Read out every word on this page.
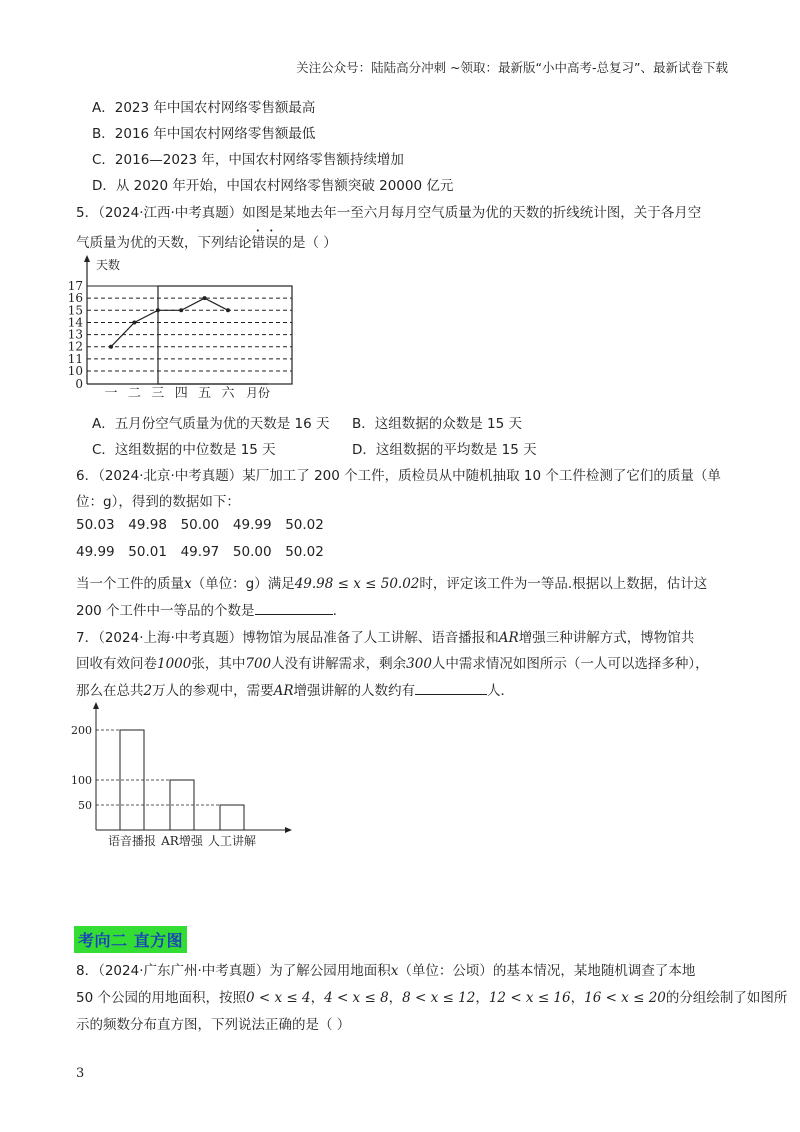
关注公众号：陆陆高分冲刺 ~领取：最新版“小中高考-总复习”、最新试卷下载
A．2023 年中国农村网络零售额最高
B．2016 年中国农村网络零售额最低
C．2016—2023 年，中国农村网络零售额持续增加
D．从 2020 年开始，中国农村网络零售额突破 20000 亿元
5．（2024·江西·中考真题）如图是某地去年一至六月每月空气质量为优的天数的折线统计图，关于各月空
气质量为优的天数，下列结论错误的是（ ）
天数
月份
0
10
11
12
13
14
15
16
17
一 二 三 四 五 六
A．五月份空气质量为优的天数是 16 天 B．这组数据的众数是 15 天
C．这组数据的中位数是 15 天	D．这组数据的平均数是 15 天
6．（2024·北京·中考真题）某厂加工了 200 个工件，质检员从中随机抽取 10 个工件检测了它们的质量（单
位：g），得到的数据如下：
50.03 49.98 50.00 49.99 50.02
49.99 50.01 49.97 50.00 50.02
当一个工件的质量x（单位：g）满足49.98 ≤ x ≤ 50.02时，评定该工件为一等品.根据以上数据，估计这
200 个工件中一等品的个数是	.
7．（2024·上海·中考真题）博物馆为展品准备了人工讲解、语音播报和AR增强三种讲解方式，博物馆共
回收有效问卷1000张，其中700人没有讲解需求，剩余300人中需求情况如图所示（一人可以选择多种），
那么在总共2万人的参观中，需要AR增强讲解的人数约有	人．
50
100
200
语音播报 AR增强 人工讲解
考向二 直方图
8．（2024·广东广州·中考真题）为了解公园用地面积x（单位：公顷）的基本情况，某地随机调查了本地
50 个公园的用地面积，按照0 < x ≤ 4，4 < x ≤ 8，8 < x ≤ 12，12 < x ≤ 16，16 < x ≤ 20的分组绘制了如图所
示的频数分布直方图，下列说法正确的是（ ）
3
